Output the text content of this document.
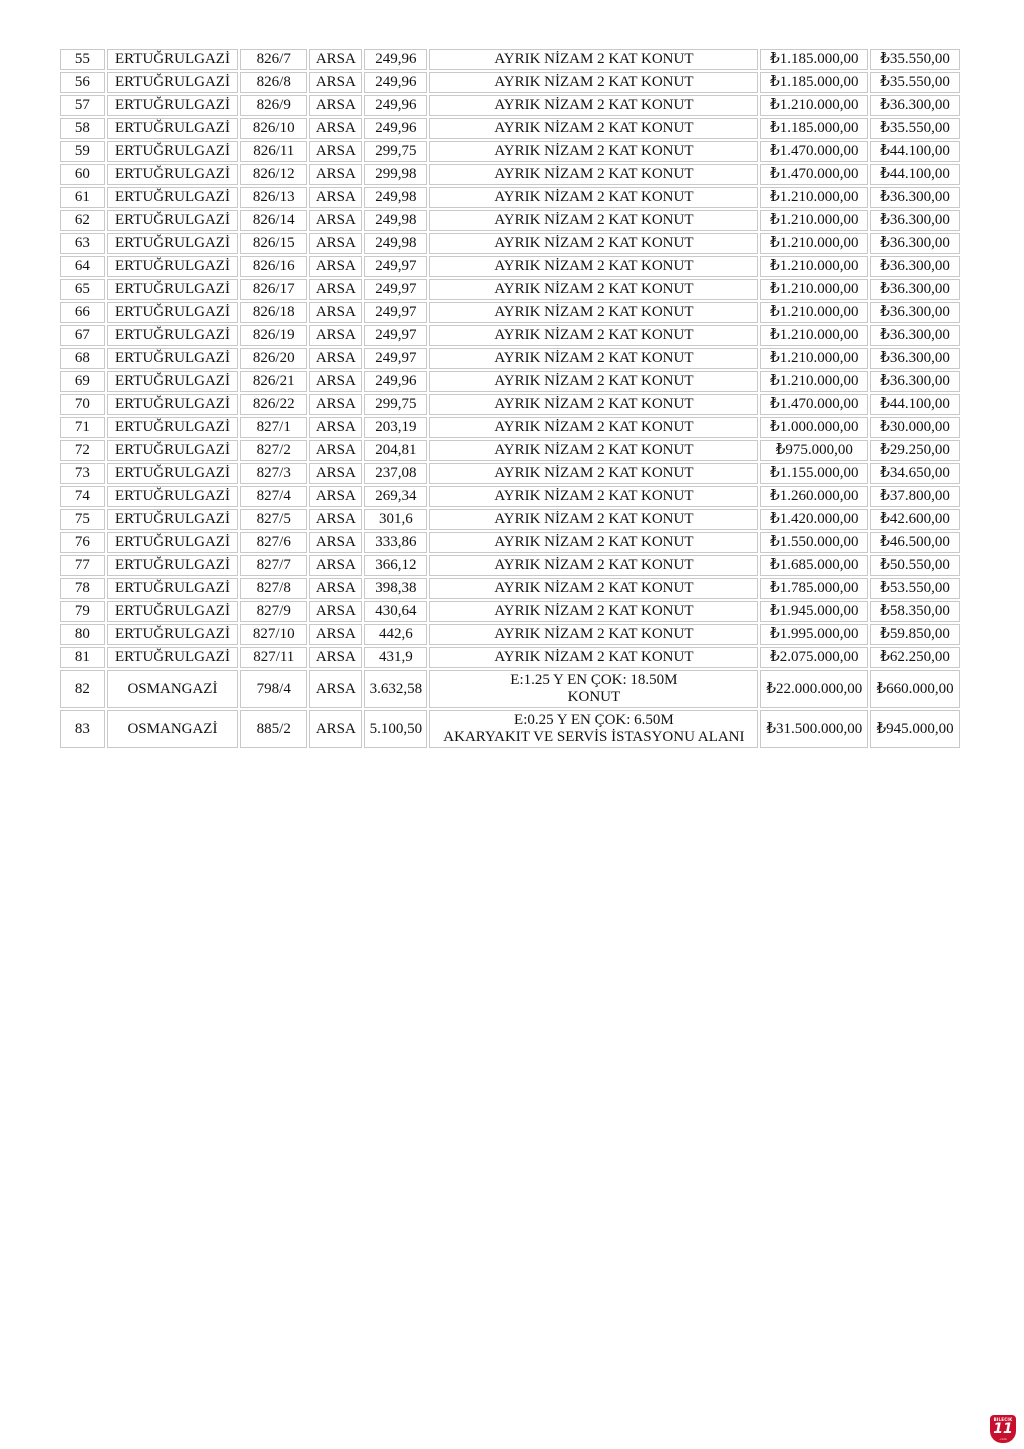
55	ERTUĞRULGAZİ	826/7	ARSA	249,96	AYRIK NİZAM 2 KAT KONUT	₺1.185.000,00	₺35.550,00
56	ERTUĞRULGAZİ	826/8	ARSA	249,96	AYRIK NİZAM 2 KAT KONUT	₺1.185.000,00	₺35.550,00
57	ERTUĞRULGAZİ	826/9	ARSA	249,96	AYRIK NİZAM 2 KAT KONUT	₺1.210.000,00	₺36.300,00
58	ERTUĞRULGAZİ	826/10	ARSA	249,96	AYRIK NİZAM 2 KAT KONUT	₺1.185.000,00	₺35.550,00
59	ERTUĞRULGAZİ	826/11	ARSA	299,75	AYRIK NİZAM 2 KAT KONUT	₺1.470.000,00	₺44.100,00
60	ERTUĞRULGAZİ	826/12	ARSA	299,98	AYRIK NİZAM 2 KAT KONUT	₺1.470.000,00	₺44.100,00
61	ERTUĞRULGAZİ	826/13	ARSA	249,98	AYRIK NİZAM 2 KAT KONUT	₺1.210.000,00	₺36.300,00
62	ERTUĞRULGAZİ	826/14	ARSA	249,98	AYRIK NİZAM 2 KAT KONUT	₺1.210.000,00	₺36.300,00
63	ERTUĞRULGAZİ	826/15	ARSA	249,98	AYRIK NİZAM 2 KAT KONUT	₺1.210.000,00	₺36.300,00
64	ERTUĞRULGAZİ	826/16	ARSA	249,97	AYRIK NİZAM 2 KAT KONUT	₺1.210.000,00	₺36.300,00
65	ERTUĞRULGAZİ	826/17	ARSA	249,97	AYRIK NİZAM 2 KAT KONUT	₺1.210.000,00	₺36.300,00
66	ERTUĞRULGAZİ	826/18	ARSA	249,97	AYRIK NİZAM 2 KAT KONUT	₺1.210.000,00	₺36.300,00
67	ERTUĞRULGAZİ	826/19	ARSA	249,97	AYRIK NİZAM 2 KAT KONUT	₺1.210.000,00	₺36.300,00
68	ERTUĞRULGAZİ	826/20	ARSA	249,97	AYRIK NİZAM 2 KAT KONUT	₺1.210.000,00	₺36.300,00
69	ERTUĞRULGAZİ	826/21	ARSA	249,96	AYRIK NİZAM 2 KAT KONUT	₺1.210.000,00	₺36.300,00
70	ERTUĞRULGAZİ	826/22	ARSA	299,75	AYRIK NİZAM 2 KAT KONUT	₺1.470.000,00	₺44.100,00
71	ERTUĞRULGAZİ	827/1	ARSA	203,19	AYRIK NİZAM 2 KAT KONUT	₺1.000.000,00	₺30.000,00
72	ERTUĞRULGAZİ	827/2	ARSA	204,81	AYRIK NİZAM 2 KAT KONUT	₺975.000,00	₺29.250,00
73	ERTUĞRULGAZİ	827/3	ARSA	237,08	AYRIK NİZAM 2 KAT KONUT	₺1.155.000,00	₺34.650,00
74	ERTUĞRULGAZİ	827/4	ARSA	269,34	AYRIK NİZAM 2 KAT KONUT	₺1.260.000,00	₺37.800,00
75	ERTUĞRULGAZİ	827/5	ARSA	301,6	AYRIK NİZAM 2 KAT KONUT	₺1.420.000,00	₺42.600,00
76	ERTUĞRULGAZİ	827/6	ARSA	333,86	AYRIK NİZAM 2 KAT KONUT	₺1.550.000,00	₺46.500,00
77	ERTUĞRULGAZİ	827/7	ARSA	366,12	AYRIK NİZAM 2 KAT KONUT	₺1.685.000,00	₺50.550,00
78	ERTUĞRULGAZİ	827/8	ARSA	398,38	AYRIK NİZAM 2 KAT KONUT	₺1.785.000,00	₺53.550,00
79	ERTUĞRULGAZİ	827/9	ARSA	430,64	AYRIK NİZAM 2 KAT KONUT	₺1.945.000,00	₺58.350,00
80	ERTUĞRULGAZİ	827/10	ARSA	442,6	AYRIK NİZAM 2 KAT KONUT	₺1.995.000,00	₺59.850,00
81	ERTUĞRULGAZİ	827/11	ARSA	431,9	AYRIK NİZAM 2 KAT KONUT	₺2.075.000,00	₺62.250,00
82	OSMANGAZİ	798/4	ARSA	3.632,58	E:1.25 Y EN ÇOK: 18.50M
KONUT	₺22.000.000,00	₺660.000,00
83	OSMANGAZİ	885/2	ARSA	5.100,50	E:0.25 Y EN ÇOK: 6.50M
AKARYAKIT VE SERVİS İSTASYONU ALANI	₺31.500.000,00	₺945.000,00
BILECIK
11
.com
